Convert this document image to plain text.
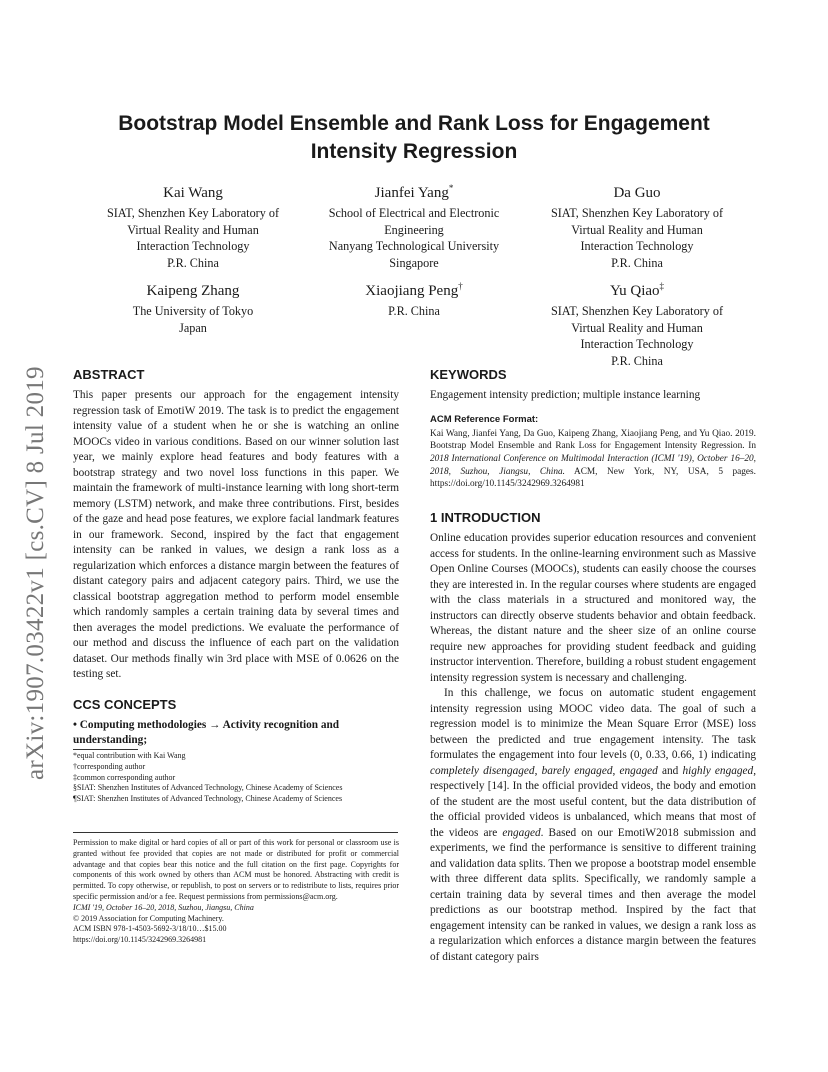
arXiv:1907.03422v1 [cs.CV] 8 Jul 2019
Bootstrap Model Ensemble and Rank Loss for Engagement Intensity Regression
Kai Wang
SIAT, Shenzhen Key Laboratory of
Virtual Reality and Human
Interaction Technology
P.R. China
Jianfei Yang*
School of Electrical and Electronic
Engineering
Nanyang Technological University
Singapore
Da Guo
SIAT, Shenzhen Key Laboratory of
Virtual Reality and Human
Interaction Technology
P.R. China
Kaipeng Zhang
The University of Tokyo
Japan
Xiaojiang Peng†
P.R. China
Yu Qiao‡
SIAT, Shenzhen Key Laboratory of
Virtual Reality and Human
Interaction Technology
P.R. China
ABSTRACT

This paper presents our approach for the engagement intensity regression task of EmotiW 2019. The task is to predict the engagement intensity value of a student when he or she is watching an online MOOCs video in various conditions. Based on our winner solution last year, we mainly explore head features and body features with a bootstrap strategy and two novel loss functions in this paper. We maintain the framework of multi-instance learning with long short-term memory (LSTM) network, and make three contributions. First, besides of the gaze and head pose features, we explore facial landmark features in our framework. Second, inspired by the fact that engagement intensity can be ranked in values, we design a rank loss as a regularization which enforces a distance margin between the features of distant category pairs and adjacent category pairs. Third, we use the classical bootstrap aggregation method to perform model ensemble which randomly samples a certain training data by several times and then averages the model predictions. We evaluate the performance of our method and discuss the influence of each part on the validation dataset. Our methods finally win 3rd place with MSE of 0.0626 on the testing set.

CCS CONCEPTS

• Computing methodologies → Activity recognition and understanding;

*equal contribution with Kai Wang
†corresponding author
‡common corresponding author
§SIAT: Shenzhen Institutes of Advanced Technology, Chinese Academy of Sciences
¶SIAT: Shenzhen Institutes of Advanced Technology, Chinese Academy of Sciences
Permission to make digital or hard copies of all or part of this work for personal or classroom use is granted without fee provided that copies are not made or distributed for profit or commercial advantage and that copies bear this notice and the full citation on the first page. Copyrights for components of this work owned by others than ACM must be honored. Abstracting with credit is permitted. To copy otherwise, or republish, to post on servers or to redistribute to lists, requires prior specific permission and/or a fee. Request permissions from permissions@acm.org.
ICMI '19, October 16–20, 2018, Suzhou, Jiangsu, China
© 2019 Association for Computing Machinery.
ACM ISBN 978-1-4503-5692-3/18/10…$15.00
https://doi.org/10.1145/3242969.3264981
KEYWORDS

Engagement intensity prediction; multiple instance learning

ACM Reference Format:

Kai Wang, Jianfei Yang, Da Guo, Kaipeng Zhang, Xiaojiang Peng, and Yu Qiao. 2019. Bootstrap Model Ensemble and Rank Loss for Engagement Intensity Regression. In 2018 International Conference on Multimodal Interaction (ICMI '19), October 16–20, 2018, Suzhou, Jiangsu, China. ACM, New York, NY, USA, 5 pages. https://doi.org/10.1145/3242969.3264981

1 INTRODUCTION

Online education provides superior education resources and convenient access for students. In the online-learning environment such as Massive Open Online Courses (MOOCs), students can easily choose the courses they are interested in. In the regular courses where students are engaged with the class materials in a structured and monitored way, the instructors can directly observe students behavior and obtain feedback. Whereas, the distant nature and the sheer size of an online course require new approaches for providing student feedback and guiding instructor intervention. Therefore, building a robust student engagement intensity regression system is necessary and challenging.

In this challenge, we focus on automatic student engagement intensity regression using MOOC video data. The goal of such a regression model is to minimize the Mean Square Error (MSE) loss between the predicted and true engagement intensity. The task formulates the engagement into four levels (0, 0.33, 0.66, 1) indicating completely disengaged, barely engaged, engaged and highly engaged, respectively [14]. In the official provided videos, the body and emotion of the student are the most useful content, but the data distribution of the official provided videos is unbalanced, which means that most of the videos are engaged. Based on our EmotiW2018 submission and experiments, we find the performance is sensitive to different training and validation data splits. Then we propose a bootstrap model ensemble with three different data splits. Specifically, we randomly sample a certain training data by several times and then average the model predictions as our bootstrap method. Inspired by the fact that engagement intensity can be ranked in values, we design a rank loss as a regularization which enforces a distance margin between the features of distant category pairs
